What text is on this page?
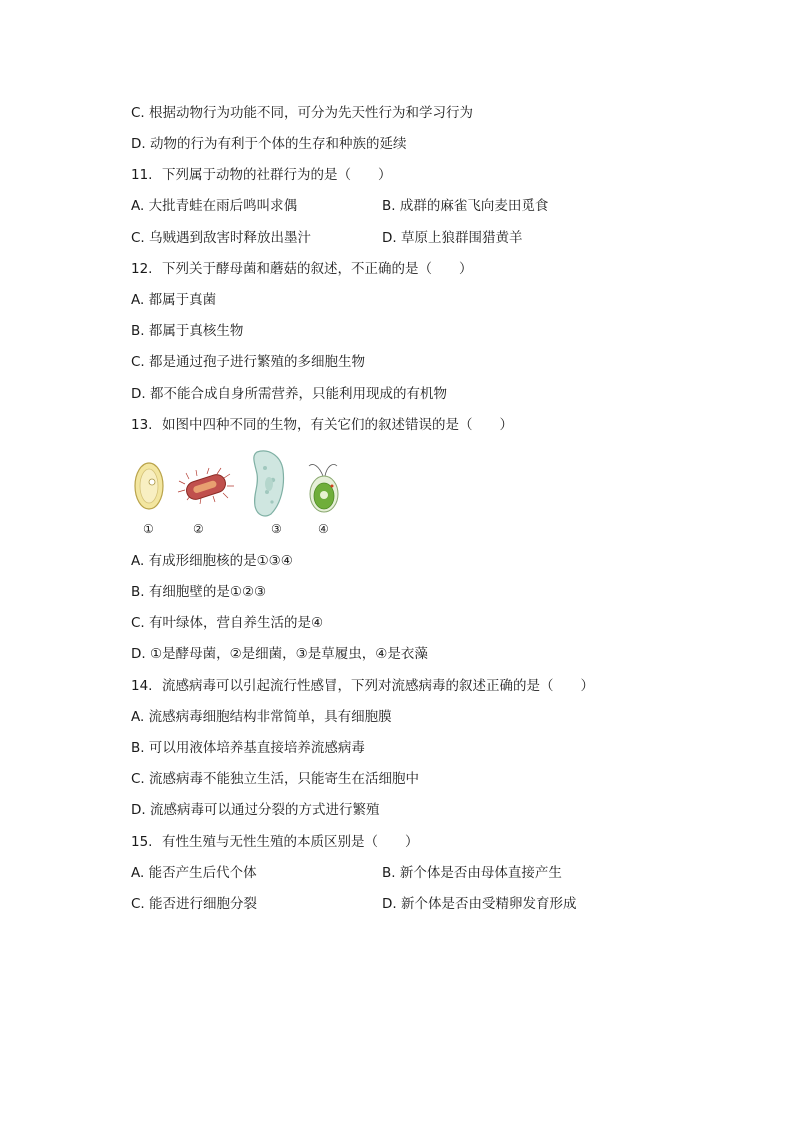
C. 根据动物行为功能不同，可分为先天性行为和学习行为
D. 动物的行为有利于个体的生存和种族的延续
11. 下列属于动物的社群行为的是（　　）
A. 大批青蛙在雨后鸣叫求偶	B. 成群的麻雀飞向麦田觅食
C. 乌贼遇到敌害时释放出墨汁	D. 草原上狼群围猎黄羊
12. 下列关于酵母菌和蘑菇的叙述，不正确的是（　　）
A. 都属于真菌
B. 都属于真核生物
C. 都是通过孢子进行繁殖的多细胞生物
D. 都不能合成自身所需营养，只能利用现成的有机物
13. 如图中四种不同的生物，有关它们的叙述错误的是（　　）
①	②	③	④
A. 有成形细胞核的是①③④
B. 有细胞壁的是①②③
C. 有叶绿体，营自养生活的是④
D. ①是酵母菌，②是细菌，③是草履虫，④是衣藻
14. 流感病毒可以引起流行性感冒，下列对流感病毒的叙述正确的是（　　）
A. 流感病毒细胞结构非常简单，具有细胞膜
B. 可以用液体培养基直接培养流感病毒
C. 流感病毒不能独立生活，只能寄生在活细胞中
D. 流感病毒可以通过分裂的方式进行繁殖
15. 有性生殖与无性生殖的本质区别是（　　）
A. 能否产生后代个体	B. 新个体是否由母体直接产生
C. 能否进行细胞分裂	D. 新个体是否由受精卵发育形成
